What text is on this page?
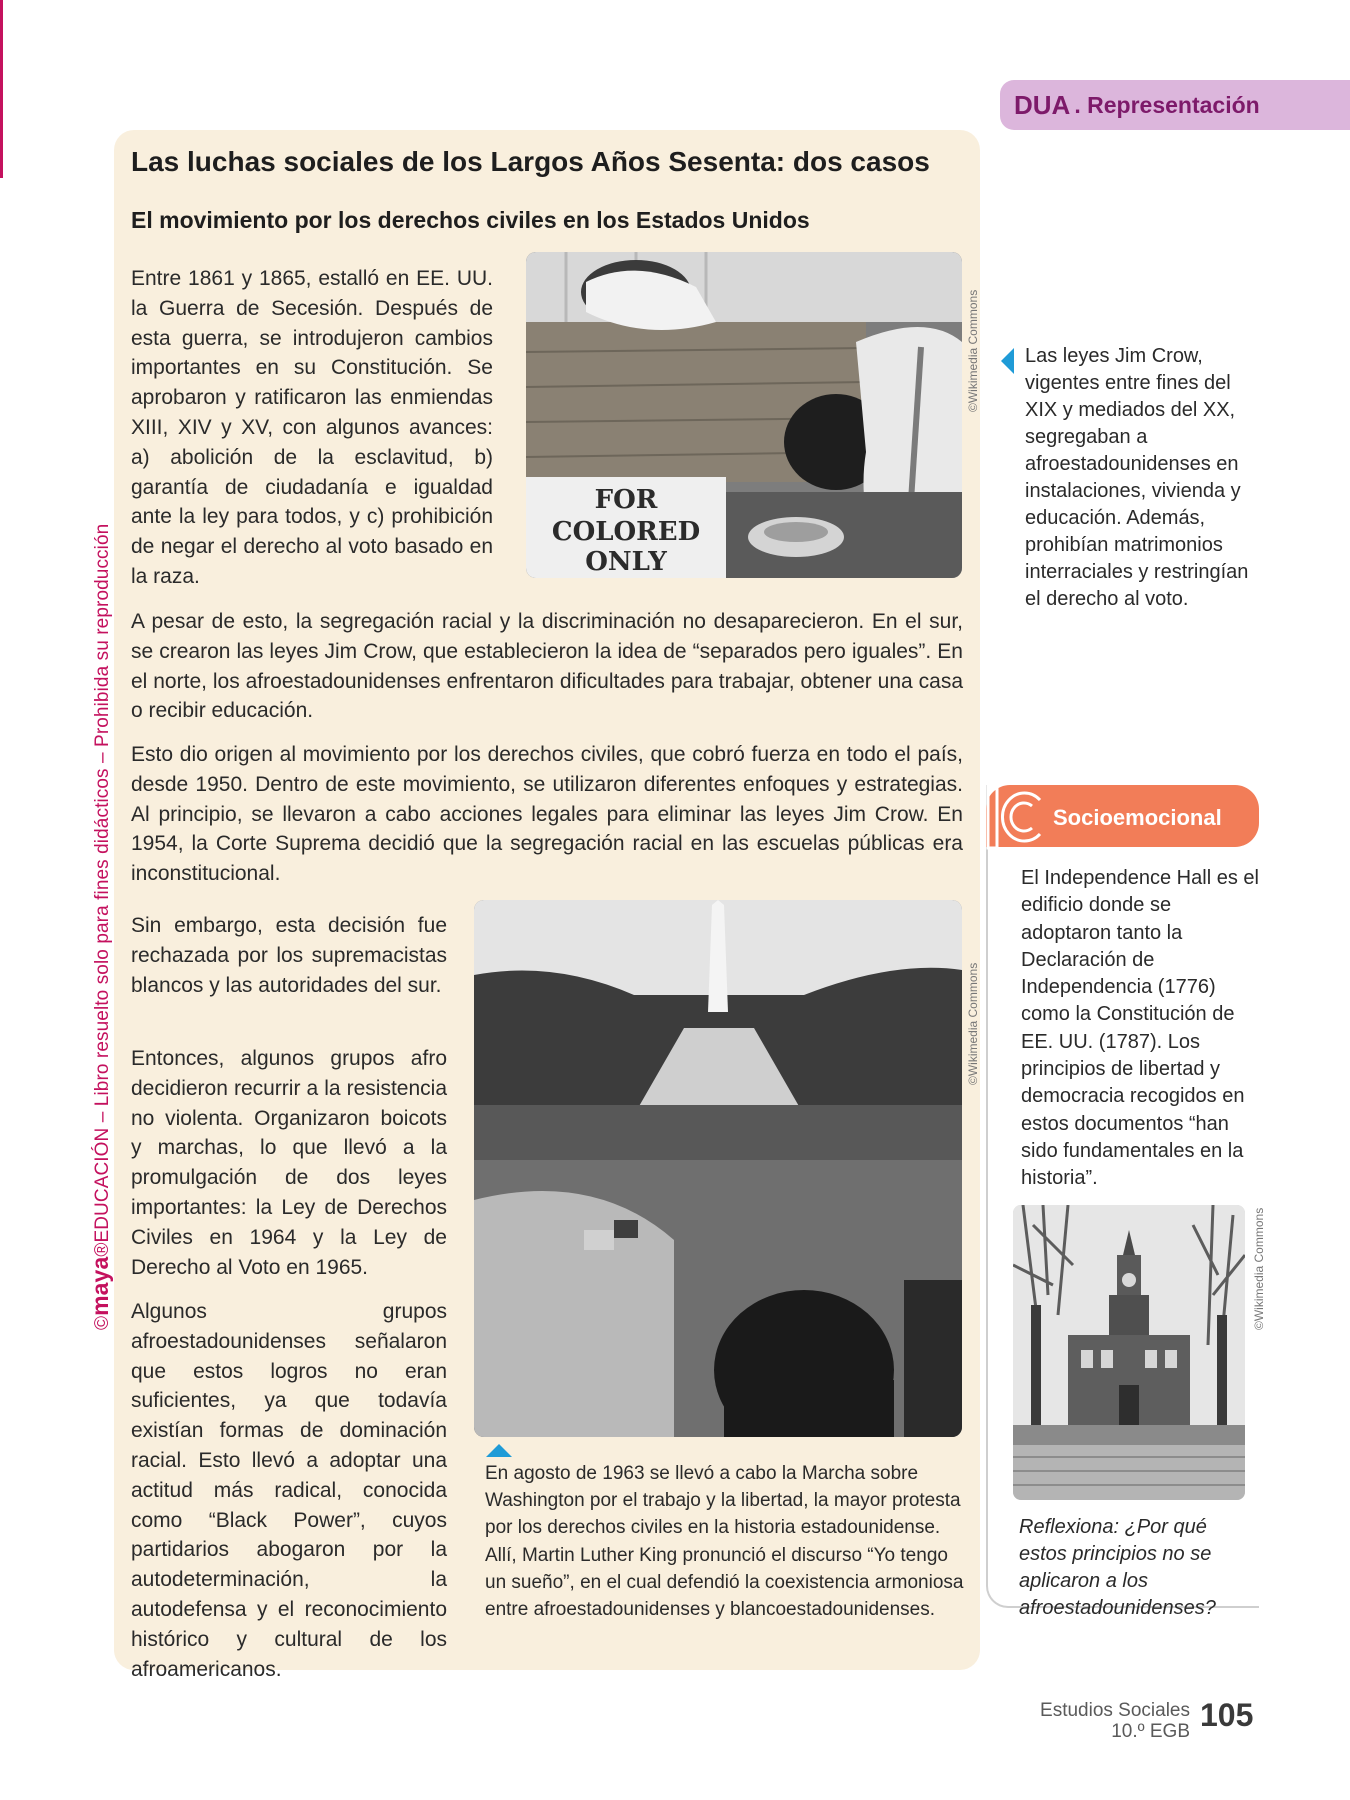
©maya®EDUCACIÓN – Libro resuelto solo para fines didácticos – Prohibida su reproducción
DUA . Representación
Las luchas sociales de los Largos Años Sesenta: dos casos
El movimiento por los derechos civiles en los Estados Unidos
Entre 1861 y 1865, estalló en EE. UU. la Guerra de Secesión. Después de esta guerra, se introdujeron cambios importantes en su Constitución. Se aprobaron y ratificaron las enmiendas XIII, XIV y XV, con algunos avances: a) abolición de la esclavitud, b) garantía de ciudadanía e igualdad ante la ley para todos, y c) prohibición de negar el derecho al voto basado en la raza.
A pesar de esto, la segregación racial y la discriminación no desaparecieron. En el sur, se crearon las leyes Jim Crow, que establecieron la idea de “separados pero iguales”. En el norte, los afroestadounidenses enfrentaron dificultades para trabajar, obtener una casa o recibir educación.
Esto dio origen al movimiento por los derechos civiles, que cobró fuerza en todo el país, desde 1950. Dentro de este movimiento, se utilizaron diferentes enfoques y estrategias. Al principio, se llevaron a cabo acciones legales para eliminar las leyes Jim Crow. En 1954, la Corte Suprema decidió que la segregación racial en las escuelas públicas era inconstitucional.
Sin embargo, esta decisión fue rechazada por los supremacistas blancos y las autoridades del sur.
Entonces, algunos grupos afro decidieron recurrir a la resistencia no violenta. Organizaron boicots y marchas, lo que llevó a la promulgación de dos leyes importantes: la Ley de Derechos Civiles en 1964 y la Ley de Derecho al Voto en 1965.
Algunos grupos afroestadounidenses señalaron que estos logros no eran suficientes, ya que todavía existían formas de dominación racial. Esto llevó a adoptar una actitud más radical, conocida como “Black Power”, cuyos partidarios abogaron por la autodeterminación, la autodefensa y el reconocimiento histórico y cultural de los afroamericanos.
FOR
COLORED
ONLY
©Wikimedia Commons Las leyes Jim Crow, vigentes entre fines del XIX y mediados del XX, segregaban a afroestadounidenses en instalaciones, vivienda y educación. Además, prohibían matrimonios interraciales y restringían el derecho al voto.
©Wikimedia Commons
En agosto de 1963 se llevó a cabo la Marcha sobre Washington por el trabajo y la libertad, la mayor protesta por los derechos civiles en la historia estadounidense. Allí, Martin Luther King pronunció el discurso “Yo tengo un sueño”, en el cual defendió la coexistencia armoniosa entre afroestadounidenses y blancoestadounidenses.
Socioemocional
El Independence Hall es el edificio donde se adoptaron tanto la Declaración de Independencia (1776) como la Constitución de EE. UU. (1787). Los principios de libertad y democracia recogidos en estos documentos “han sido fundamentales en la historia”.
©Wikimedia Commons
Reflexiona: ¿Por qué estos principios no se aplicaron a los afroestadounidenses?
Estudios Sociales
10.º EGB 105
